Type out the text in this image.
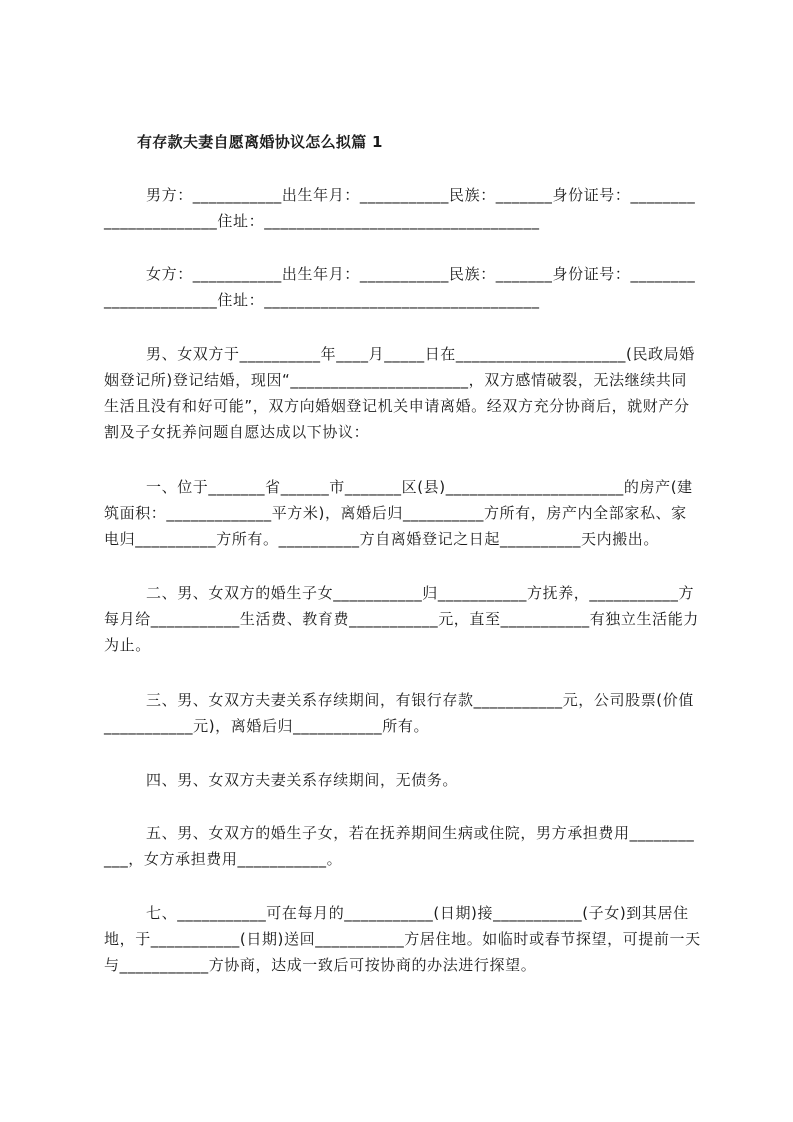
有存款夫妻自愿离婚协议怎么拟篇 1

男方：___________出生年月：___________民族：_______身份证号：______________________住址：__________________________________

女方：___________出生年月：___________民族：_______身份证号：______________________住址：__________________________________

男、女双方于__________年____月_____日在_____________________(民政局婚姻登记所)登记结婚，现因“______________________，双方感情破裂，无法继续共同生活且没有和好可能”，双方向婚姻登记机关申请离婚。经双方充分协商后，就财产分割及子女抚养问题自愿达成以下协议：

一、位于_______省______市_______区(县)______________________的房产(建筑面积：_____________平方米)，离婚后归__________方所有，房产内全部家私、家电归__________方所有。__________方自离婚登记之日起__________天内搬出。

二、男、女双方的婚生子女___________归___________方抚养，___________方每月给___________生活费、教育费___________元，直至___________有独立生活能力为止。

三、男、女双方夫妻关系存续期间，有银行存款___________元，公司股票(价值___________元)，离婚后归___________所有。

四、男、女双方夫妻关系存续期间，无债务。

五、男、女双方的婚生子女，若在抚养期间生病或住院，男方承担费用___________，女方承担费用___________。

七、___________可在每月的___________(日期)接___________(子女)到其居住地，于___________(日期)送回___________方居住地。如临时或春节探望，可提前一天与___________方协商，达成一致后可按协商的办法进行探望。
